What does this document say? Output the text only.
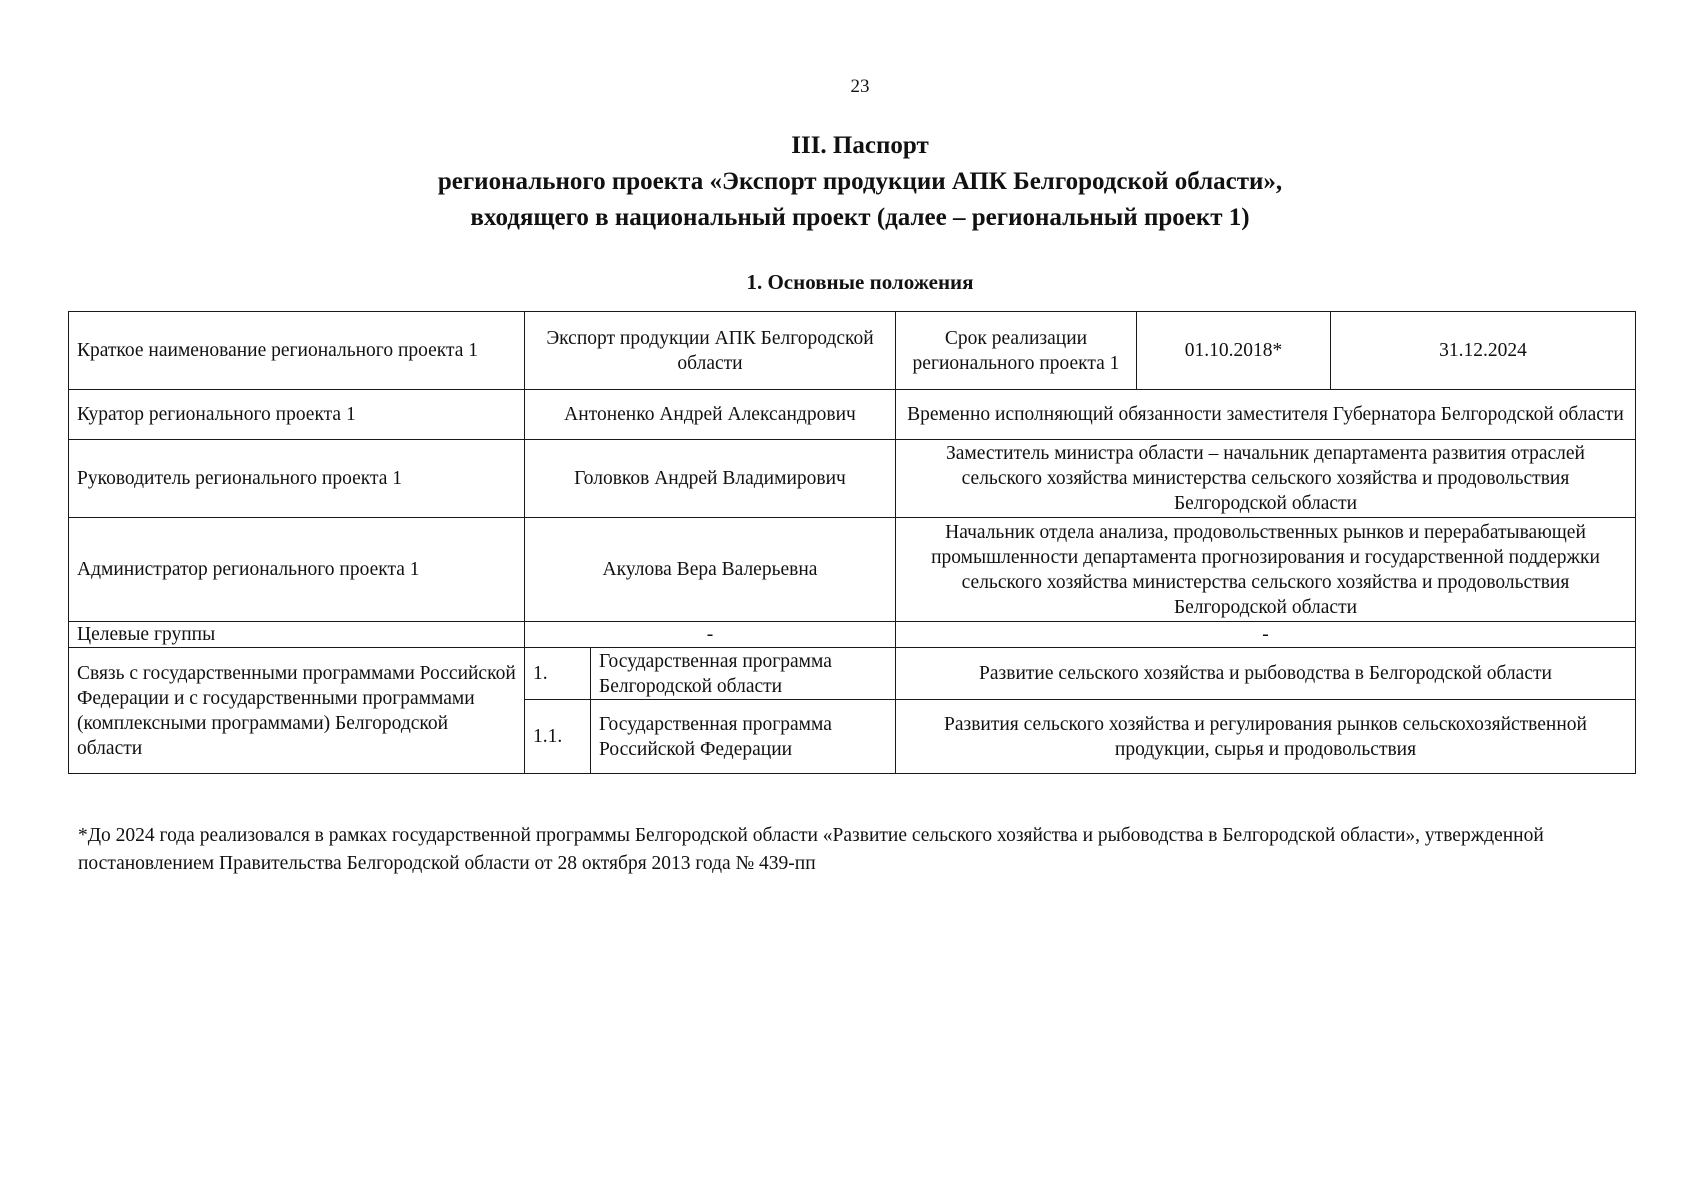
23
III. Паспорт
регионального проекта «Экспорт продукции АПК Белгородской области»,
входящего в национальный проект (далее – региональный проект 1)
1. Основные положения
Краткое наименование регионального проекта 1	Экспорт продукции АПК Белгородской области		Срок реализации регионального проекта 1	01.10.2018*	31.12.2024
Куратор регионального проекта 1	Антоненко Андрей Александрович		Временно исполняющий обязанности заместителя Губернатора Белгородской области		
Руководитель регионального проекта 1	Головков Андрей Владимирович		Заместитель министра области – начальник департамента развития отраслей сельского хозяйства министерства сельского хозяйства и продовольствия Белгородской области		
Администратор регионального проекта 1	Акулова Вера Валерьевна		Начальник отдела анализа, продовольственных рынков и перерабатывающей промышленности департамента прогнозирования и государственной поддержки сельского хозяйства министерства сельского хозяйства и продовольствия Белгородской области		
Целевые группы	-		-		
Связь с государственными программами Российской Федерации и с государственными программами (комплексными программами) Белгородской области	1.	Государственная программа Белгородской области	Развитие сельского хозяйства и рыбоводства в Белгородской области		
	1.1.	Государственная программа Российской Федерации	Развития сельского хозяйства и регулирования рынков сельскохозяйственной продукции, сырья и продовольствия		
*До 2024 года реализовался в рамках государственной программы Белгородской области «Развитие сельского хозяйства и рыбоводства в Белгородской области», утвержденной постановлением Правительства Белгородской области от 28 октября 2013 года № 439-пп
